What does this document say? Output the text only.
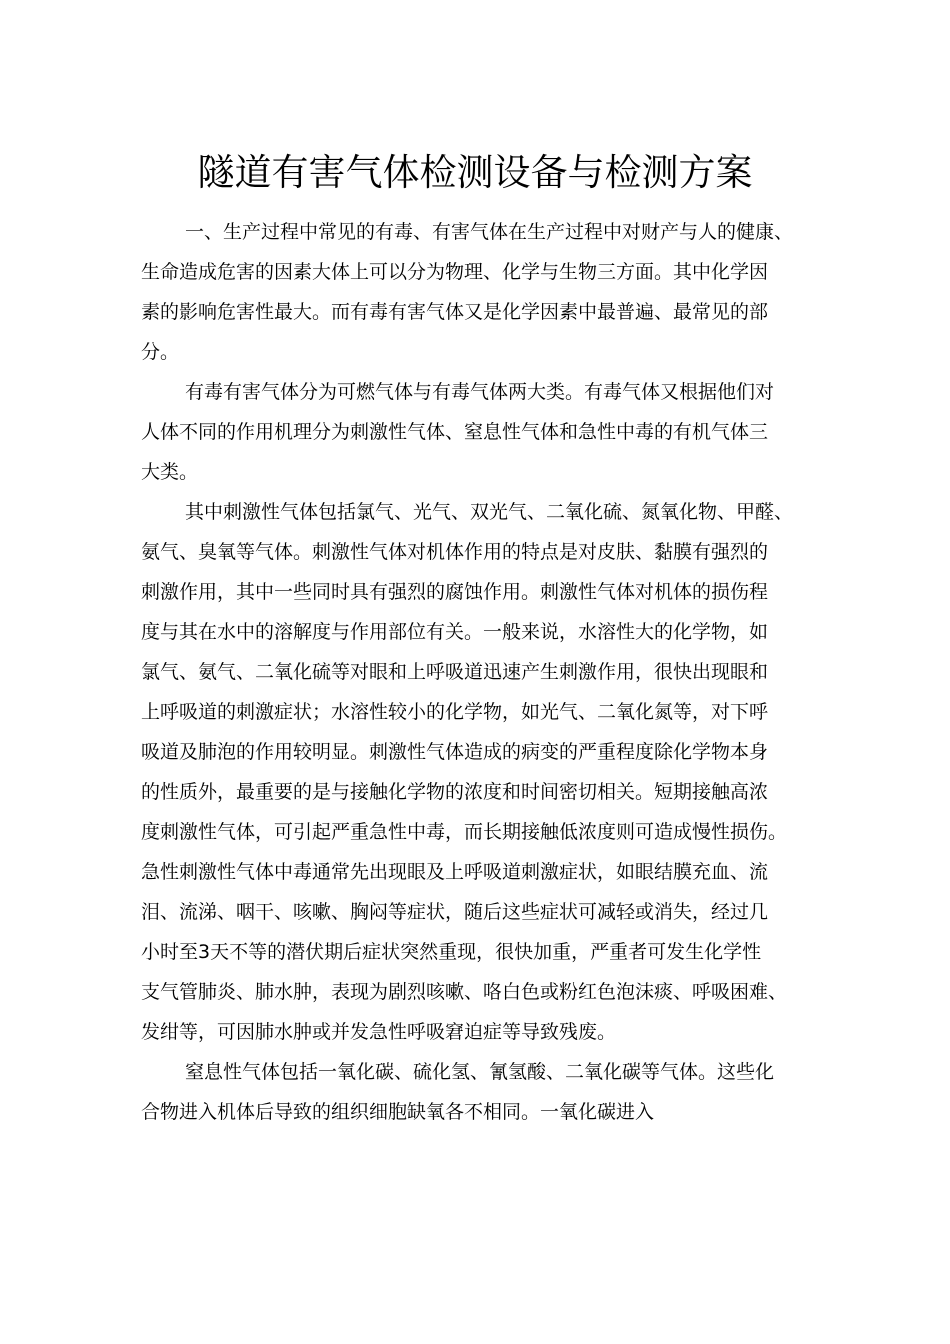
隧道有害气体检测设备与检测方案
一、生产过程中常见的有毒、有害气体在生产过程中对财产与人的健康、
生命造成危害的因素大体上可以分为物理、化学与生物三方面。其中化学因
素的影响危害性最大。而有毒有害气体又是化学因素中最普遍、最常见的部
分。
有毒有害气体分为可燃气体与有毒气体两大类。有毒气体又根据他们对
人体不同的作用机理分为刺激性气体、窒息性气体和急性中毒的有机气体三
大类。
其中刺激性气体包括氯气、光气、双光气、二氧化硫、氮氧化物、甲醛、
氨气、臭氧等气体。刺激性气体对机体作用的特点是对皮肤、黏膜有强烈的
刺激作用，其中一些同时具有强烈的腐蚀作用。刺激性气体对机体的损伤程
度与其在水中的溶解度与作用部位有关。一般来说，水溶性大的化学物，如
氯气、氨气、二氧化硫等对眼和上呼吸道迅速产生刺激作用，很快出现眼和
上呼吸道的刺激症状；水溶性较小的化学物，如光气、二氧化氮等，对下呼
吸道及肺泡的作用较明显。刺激性气体造成的病变的严重程度除化学物本身
的性质外，最重要的是与接触化学物的浓度和时间密切相关。短期接触高浓
度刺激性气体，可引起严重急性中毒，而长期接触低浓度则可造成慢性损伤。
急性刺激性气体中毒通常先出现眼及上呼吸道刺激症状，如眼结膜充血、流
泪、流涕、咽干、咳嗽、胸闷等症状，随后这些症状可减轻或消失，经过几
小时至3天不等的潜伏期后症状突然重现，很快加重，严重者可发生化学性
支气管肺炎、肺水肿，表现为剧烈咳嗽、咯白色或粉红色泡沫痰、呼吸困难、
发绀等，可因肺水肿或并发急性呼吸窘迫症等导致残废。
窒息性气体包括一氧化碳、硫化氢、氰氢酸、二氧化碳等气体。这些化
合物进入机体后导致的组织细胞缺氧各不相同。一氧化碳进入
